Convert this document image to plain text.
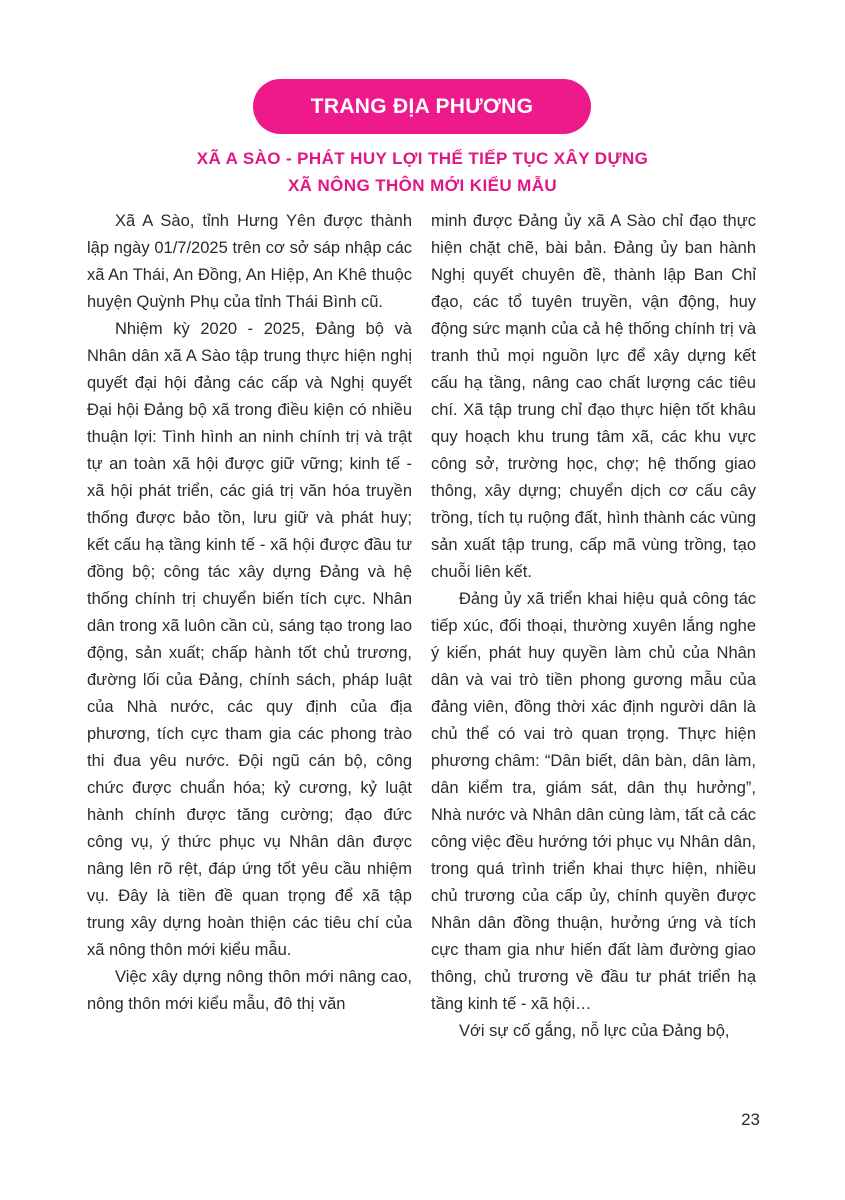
TRANG ĐỊA PHƯƠNG
XÃ A SÀO - PHÁT HUY LỢI THẾ TIẾP TỤC XÂY DỰNG
XÃ NÔNG THÔN MỚI KIỂU MẪU

Xã A Sào, tỉnh Hưng Yên được thành lập ngày 01/7/2025 trên cơ sở sáp nhập các xã An Thái, An Đồng, An Hiệp, An Khê thuộc huyện Quỳnh Phụ của tỉnh Thái Bình cũ.

Nhiệm kỳ 2020 - 2025, Đảng bộ và Nhân dân xã A Sào tập trung thực hiện nghị quyết đại hội đảng các cấp và Nghị quyết Đại hội Đảng bộ xã trong điều kiện có nhiều thuận lợi: Tình hình an ninh chính trị và trật tự an toàn xã hội được giữ vững; kinh tế - xã hội phát triển, các giá trị văn hóa truyền thống được bảo tồn, lưu giữ và phát huy; kết cấu hạ tầng kinh tế - xã hội được đầu tư đồng bộ; công tác xây dựng Đảng và hệ thống chính trị chuyển biến tích cực. Nhân dân trong xã luôn cần cù, sáng tạo trong lao động, sản xuất; chấp hành tốt chủ trương, đường lối của Đảng, chính sách, pháp luật của Nhà nước, các quy định của địa phương, tích cực tham gia các phong trào thi đua yêu nước. Đội ngũ cán bộ, công chức được chuẩn hóa; kỷ cương, kỷ luật hành chính được tăng cường; đạo đức công vụ, ý thức phục vụ Nhân dân được nâng lên rõ rệt, đáp ứng tốt yêu cầu nhiệm vụ. Đây là tiền đề quan trọng để xã tập trung xây dựng hoàn thiện các tiêu chí của xã nông thôn mới kiểu mẫu.

Việc xây dựng nông thôn mới nâng cao, nông thôn mới kiểu mẫu, đô thị văn

minh được Đảng ủy xã A Sào chỉ đạo thực hiện chặt chẽ, bài bản. Đảng ủy ban hành Nghị quyết chuyên đề, thành lập Ban Chỉ đạo, các tổ tuyên truyền, vận động, huy động sức mạnh của cả hệ thống chính trị và tranh thủ mọi nguồn lực để xây dựng kết cấu hạ tầng, nâng cao chất lượng các tiêu chí. Xã tập trung chỉ đạo thực hiện tốt khâu quy hoạch khu trung tâm xã, các khu vực công sở, trường học, chợ; hệ thống giao thông, xây dựng; chuyển dịch cơ cấu cây trồng, tích tụ ruộng đất, hình thành các vùng sản xuất tập trung, cấp mã vùng trồng, tạo chuỗi liên kết.

Đảng ủy xã triển khai hiệu quả công tác tiếp xúc, đối thoại, thường xuyên lắng nghe ý kiến, phát huy quyền làm chủ của Nhân dân và vai trò tiền phong gương mẫu của đảng viên, đồng thời xác định người dân là chủ thể có vai trò quan trọng. Thực hiện phương châm: “Dân biết, dân bàn, dân làm, dân kiểm tra, giám sát, dân thụ hưởng”, Nhà nước và Nhân dân cùng làm, tất cả các công việc đều hướng tới phục vụ Nhân dân, trong quá trình triển khai thực hiện, nhiều chủ trương của cấp ủy, chính quyền được Nhân dân đồng thuận, hưởng ứng và tích cực tham gia như hiến đất làm đường giao thông, chủ trương về đầu tư phát triển hạ tầng kinh tế - xã hội…

Với sự cố gắng, nỗ lực của Đảng bộ,

23
